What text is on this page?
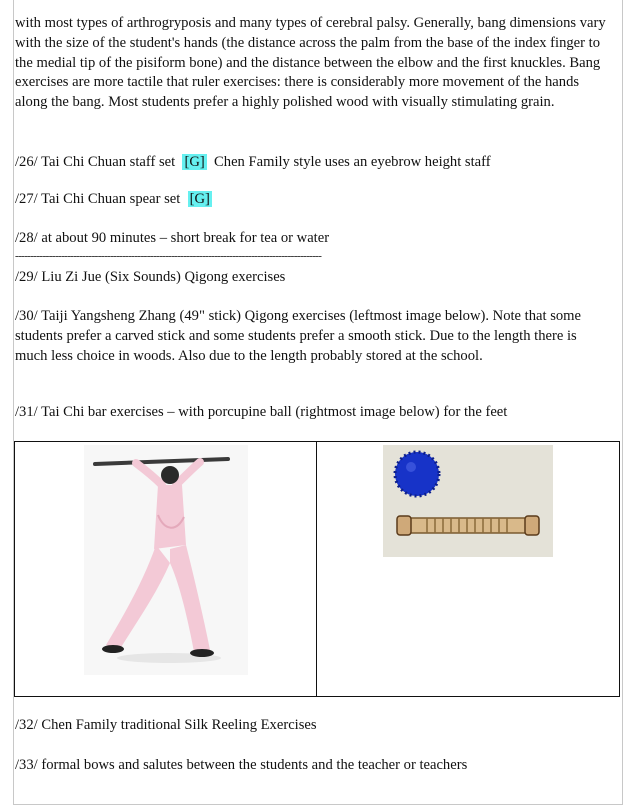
with most types of arthrogryposis and many types of cerebral palsy. Generally, bang dimensions vary with the size of the student's hands (the distance across the palm from the base of the index finger to the medial tip of the pisiform bone) and the distance between the elbow and the first knuckles. Bang exercises are more tactile that ruler exercises: there is considerably more movement of the hands along the bang. Most students prefer a highly polished wood with visually stimulating grain.

/26/ Tai Chi Chuan staff set [G] Chen Family style uses an eyebrow height staff

/27/ Tai Chi Chuan spear set [G]

/28/ at about 90 minutes – short break for tea or water

----------------------------------------------------------------------------------------------------

/29/ Liu Zi Jue (Six Sounds) Qigong exercises

/30/ Taiji Yangsheng Zhang (49" stick) Qigong exercises (leftmost image below). Note that some students prefer a carved stick and some students prefer a smooth stick. Due to the length there is much less choice in woods. Also due to the length probably stored at the school.

/31/ Tai Chi bar exercises – with porcupine ball (rightmost image below) for the feet

/32/ Chen Family traditional Silk Reeling Exercises

/33/ formal bows and salutes between the students and the teacher or teachers
